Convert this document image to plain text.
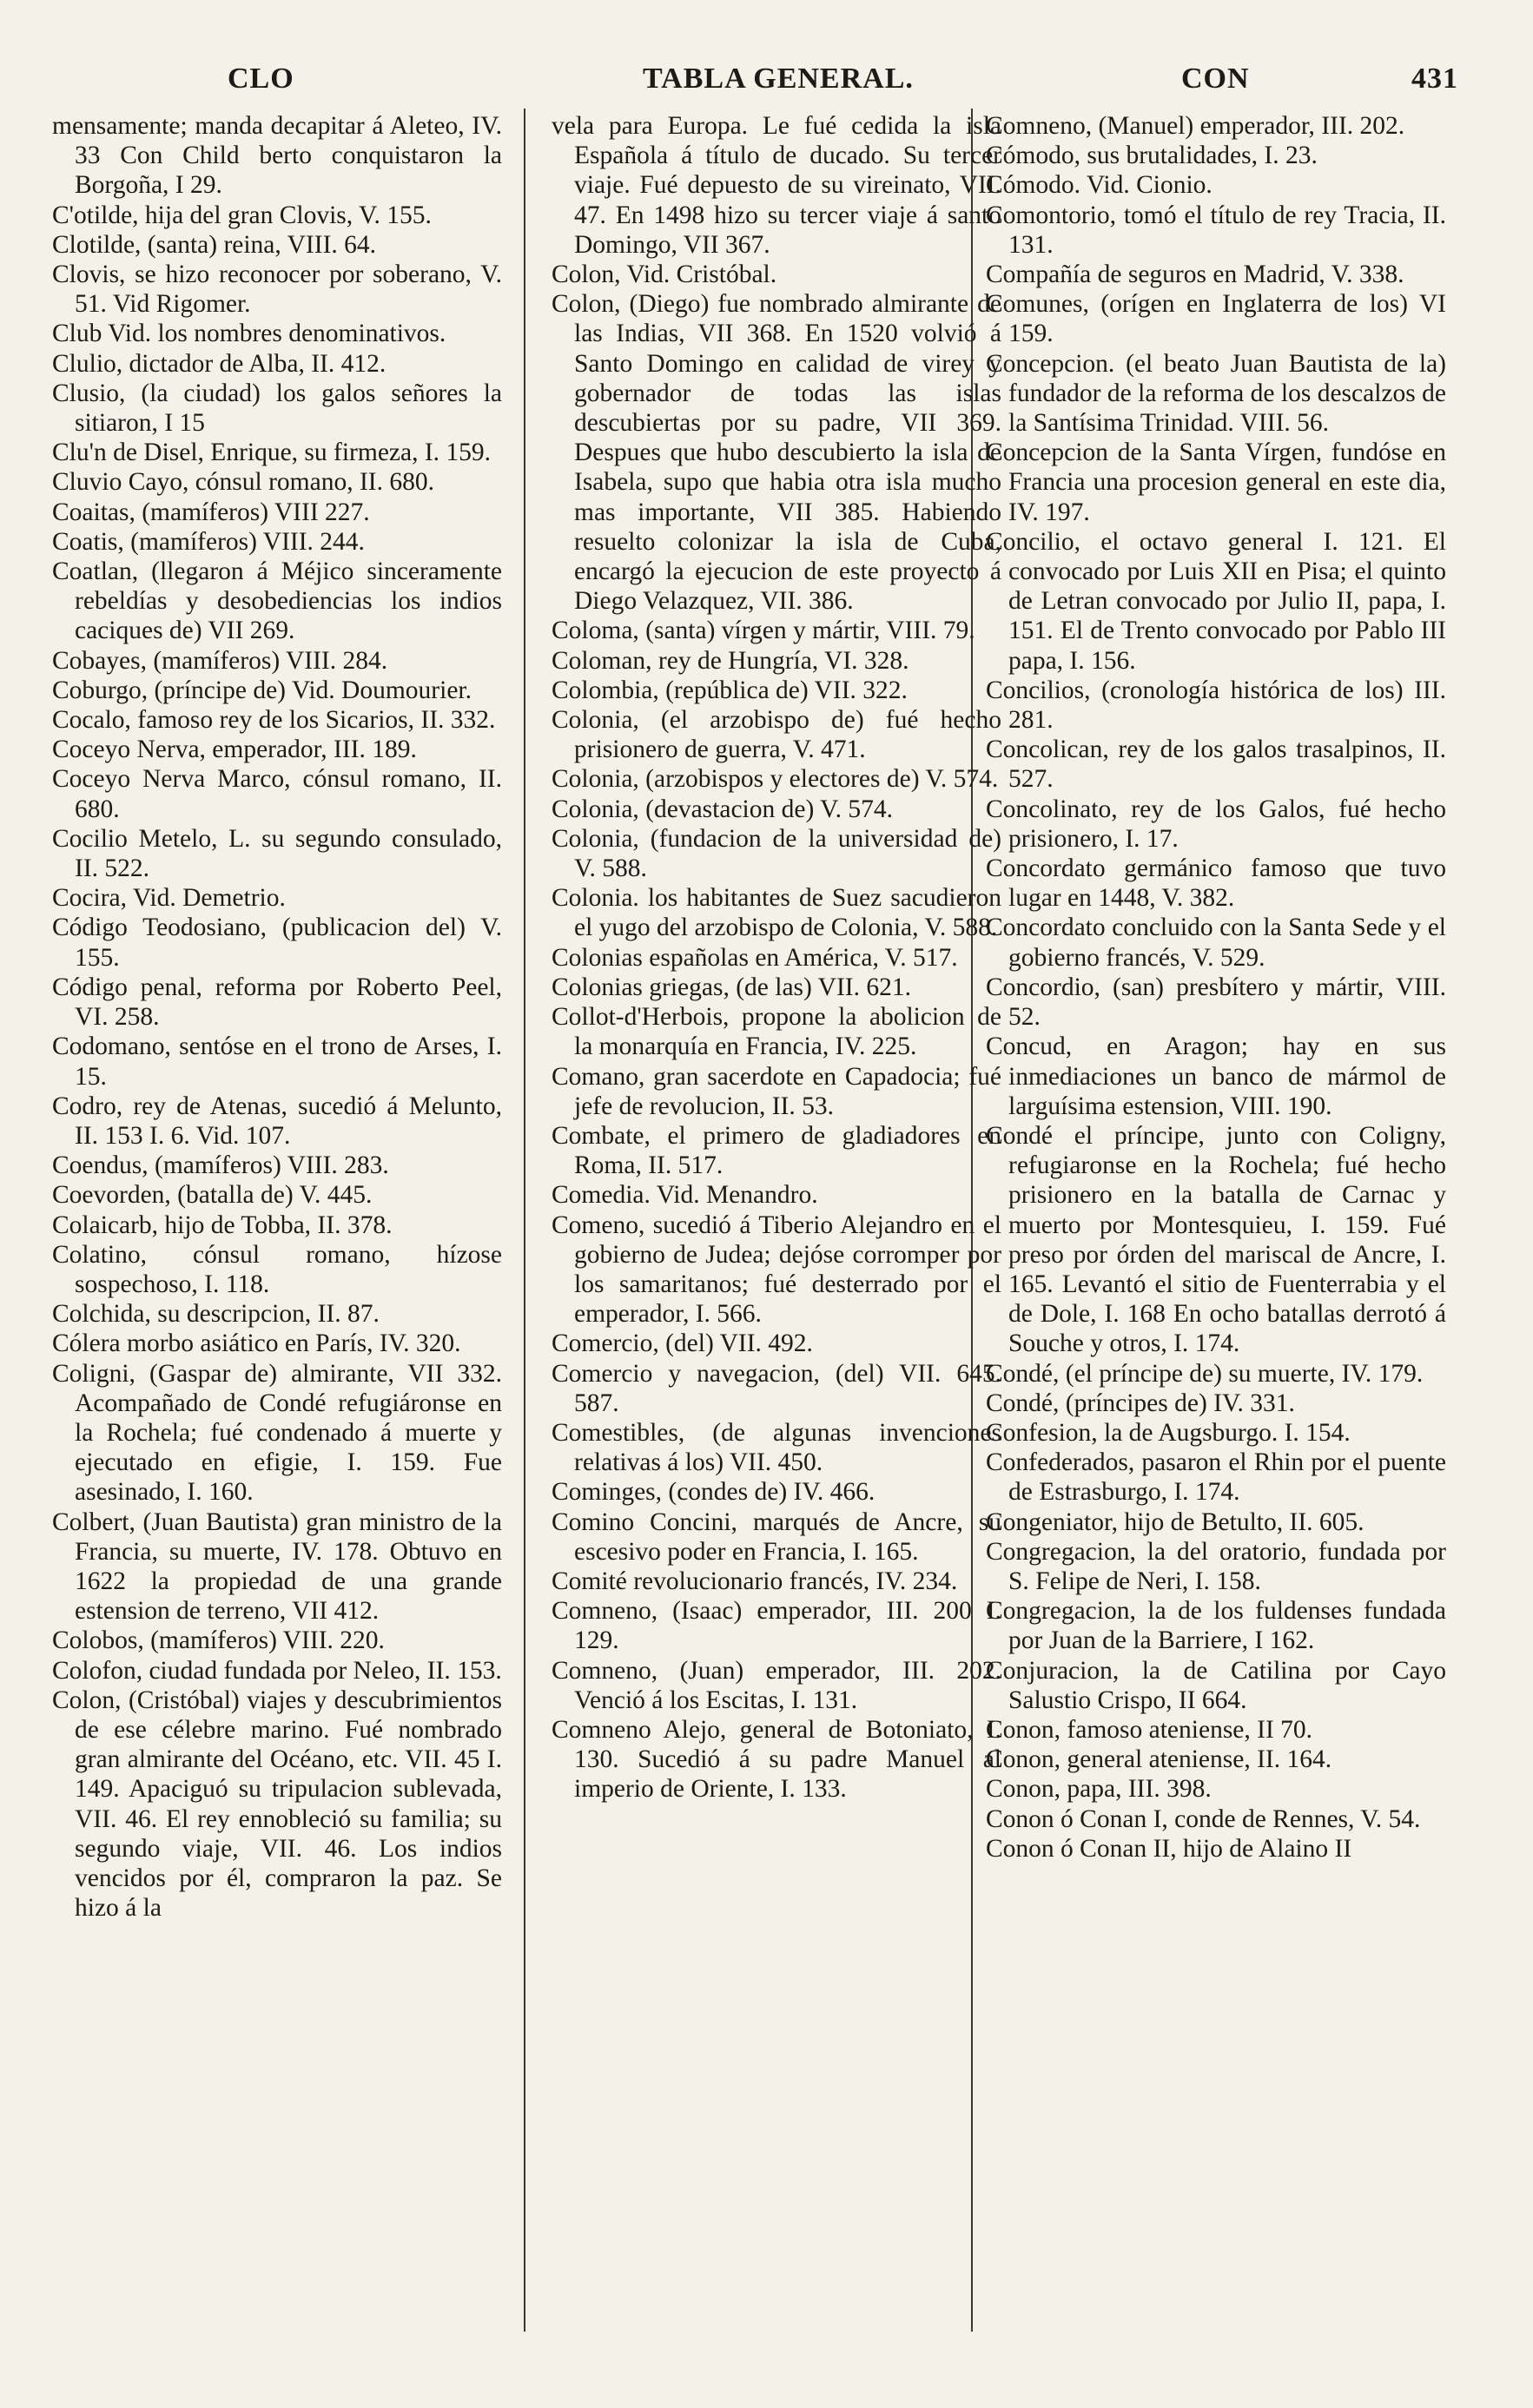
CLO	TABLA GENERAL.	CON	431
mensamente; manda decapitar á Aleteo, IV. 33 Con Child berto conquistaron la Borgoña, I 29.
C'otilde, hija del gran Clovis, V. 155.
Clotilde, (santa) reina, VIII. 64.
Clovis, se hizo reconocer por soberano, V. 51. Vid Rigomer.
Club Vid. los nombres denominativos.
Clulio, dictador de Alba, II. 412.
Clusio, (la ciudad) los galos señores la sitiaron, I 15
Clu'n de Disel, Enrique, su firmeza, I. 159.
Cluvio Cayo, cónsul romano, II. 680.
Coaitas, (mamíferos) VIII 227.
Coatis, (mamíferos) VIII. 244.
Coatlan, (llegaron á Méjico sinceramente rebeldías y desobediencias los indios caciques de) VII 269.
Cobayes, (mamíferos) VIII. 284.
Coburgo, (príncipe de) Vid. Doumourier.
Cocalo, famoso rey de los Sicarios, II. 332.
Coceyo Nerva, emperador, III. 189.
Coceyo Nerva Marco, cónsul romano, II. 680.
Cocilio Metelo, L. su segundo consulado, II. 522.
Cocira, Vid. Demetrio.
Código Teodosiano, (publicacion del) V. 155.
Código penal, reforma por Roberto Peel, VI. 258.
Codomano, sentóse en el trono de Arses, I. 15.
Codro, rey de Atenas, sucedió á Melunto, II. 153 I. 6. Vid. 107.
Coendus, (mamíferos) VIII. 283.
Coevorden, (batalla de) V. 445.
Colaicarb, hijo de Tobba, II. 378.
Colatino, cónsul romano, hízose sospechoso, I. 118.
Colchida, su descripcion, II. 87.
Cólera morbo asiático en París, IV. 320.
Coligni, (Gaspar de) almirante, VII 332. Acompañado de Condé refugiáronse en la Rochela; fué condenado á muerte y ejecutado en efigie, I. 159. Fue asesinado, I. 160.
Colbert, (Juan Bautista) gran ministro de la Francia, su muerte, IV. 178. Obtuvo en 1622 la propiedad de una grande estension de terreno, VII 412.
Colobos, (mamíferos) VIII. 220.
Colofon, ciudad fundada por Neleo, II. 153.
Colon, (Cristóbal) viajes y descubrimientos de ese célebre marino. Fué nombrado gran almirante del Océano, etc. VII. 45 I. 149. Apaciguó su tripulacion sublevada, VII. 46. El rey ennobleció su familia; su segundo viaje, VII. 46. Los indios vencidos por él, compraron la paz. Se hizo á la
vela para Europa. Le fué cedida la isla Española á título de ducado. Su tercer viaje. Fué depuesto de su vireinato, VII. 47. En 1498 hizo su tercer viaje á santo Domingo, VII 367.
Colon, Vid. Cristóbal.
Colon, (Diego) fue nombrado almirante de las Indias, VII 368. En 1520 volvió á Santo Domingo en calidad de virey y gobernador de todas las islas descubiertas por su padre, VII 369. Despues que hubo descubierto la isla de Isabela, supo que habia otra isla mucho mas importante, VII 385. Habiendo resuelto colonizar la isla de Cuba, encargó la ejecucion de este proyecto á Diego Velazquez, VII. 386.
Coloma, (santa) vírgen y mártir, VIII. 79.
Coloman, rey de Hungría, VI. 328.
Colombia, (república de) VII. 322.
Colonia, (el arzobispo de) fué hecho prisionero de guerra, V. 471.
Colonia, (arzobispos y electores de) V. 574.
Colonia, (devastacion de) V. 574.
Colonia, (fundacion de la universidad de) V. 588.
Colonia. los habitantes de Suez sacudieron el yugo del arzobispo de Colonia, V. 588.
Colonias españolas en América, V. 517.
Colonias griegas, (de las) VII. 621.
Collot-d'Herbois, propone la abolicion de la monarquía en Francia, IV. 225.
Comano, gran sacerdote en Capadocia; fué jefe de revolucion, II. 53.
Combate, el primero de gladiadores en Roma, II. 517.
Comedia. Vid. Menandro.
Comeno, sucedió á Tiberio Alejandro en el gobierno de Judea; dejóse corromper por los samaritanos; fué desterrado por el emperador, I. 566.
Comercio, (del) VII. 492.
Comercio y navegacion, (del) VII. 645. 587.
Comestibles, (de algunas invenciones relativas á los) VII. 450.
Cominges, (condes de) IV. 466.
Comino Concini, marqués de Ancre, su escesivo poder en Francia, I. 165.
Comité revolucionario francés, IV. 234.
Comneno, (Isaac) emperador, III. 200 I. 129.
Comneno, (Juan) emperador, III. 202. Venció á los Escitas, I. 131.
Comneno Alejo, general de Botoniato, I. 130. Sucedió á su padre Manuel al imperio de Oriente, I. 133.
Comneno, (Manuel) emperador, III. 202.
Cómodo, sus brutalidades, I. 23.
Cómodo. Vid. Cionio.
Comontorio, tomó el título de rey Tracia, II. 131.
Compañía de seguros en Madrid, V. 338.
Comunes, (orígen en Inglaterra de los) VI 159.
Concepcion. (el beato Juan Bautista de la) fundador de la reforma de los descalzos de la Santísima Trinidad. VIII. 56.
Concepcion de la Santa Vírgen, fundóse en Francia una procesion general en este dia, IV. 197.
Concilio, el octavo general I. 121. El convocado por Luis XII en Pisa; el quinto de Letran convocado por Julio II, papa, I. 151. El de Trento convocado por Pablo III papa, I. 156.
Concilios, (cronología histórica de los) III. 281.
Concolican, rey de los galos trasalpinos, II. 527.
Concolinato, rey de los Galos, fué hecho prisionero, I. 17.
Concordato germánico famoso que tuvo lugar en 1448, V. 382.
Concordato concluido con la Santa Sede y el gobierno francés, V. 529.
Concordio, (san) presbítero y mártir, VIII. 52.
Concud, en Aragon; hay en sus inmediaciones un banco de mármol de larguísima estension, VIII. 190.
Condé el príncipe, junto con Coligny, refugiaronse en la Rochela; fué hecho prisionero en la batalla de Carnac y muerto por Montesquieu, I. 159. Fué preso por órden del mariscal de Ancre, I. 165. Levantó el sitio de Fuenterrabia y el de Dole, I. 168 En ocho batallas derrotó á Souche y otros, I. 174.
Condé, (el príncipe de) su muerte, IV. 179.
Condé, (príncipes de) IV. 331.
Confesion, la de Augsburgo. I. 154.
Confederados, pasaron el Rhin por el puente de Estrasburgo, I. 174.
Congeniator, hijo de Betulto, II. 605.
Congregacion, la del oratorio, fundada por S. Felipe de Neri, I. 158.
Congregacion, la de los fuldenses fundada por Juan de la Barriere, I 162.
Conjuracion, la de Catilina por Cayo Salustio Crispo, II 664.
Conon, famoso ateniense, II 70.
Conon, general ateniense, II. 164.
Conon, papa, III. 398.
Conon ó Conan I, conde de Rennes, V. 54.
Conon ó Conan II, hijo de Alaino II
